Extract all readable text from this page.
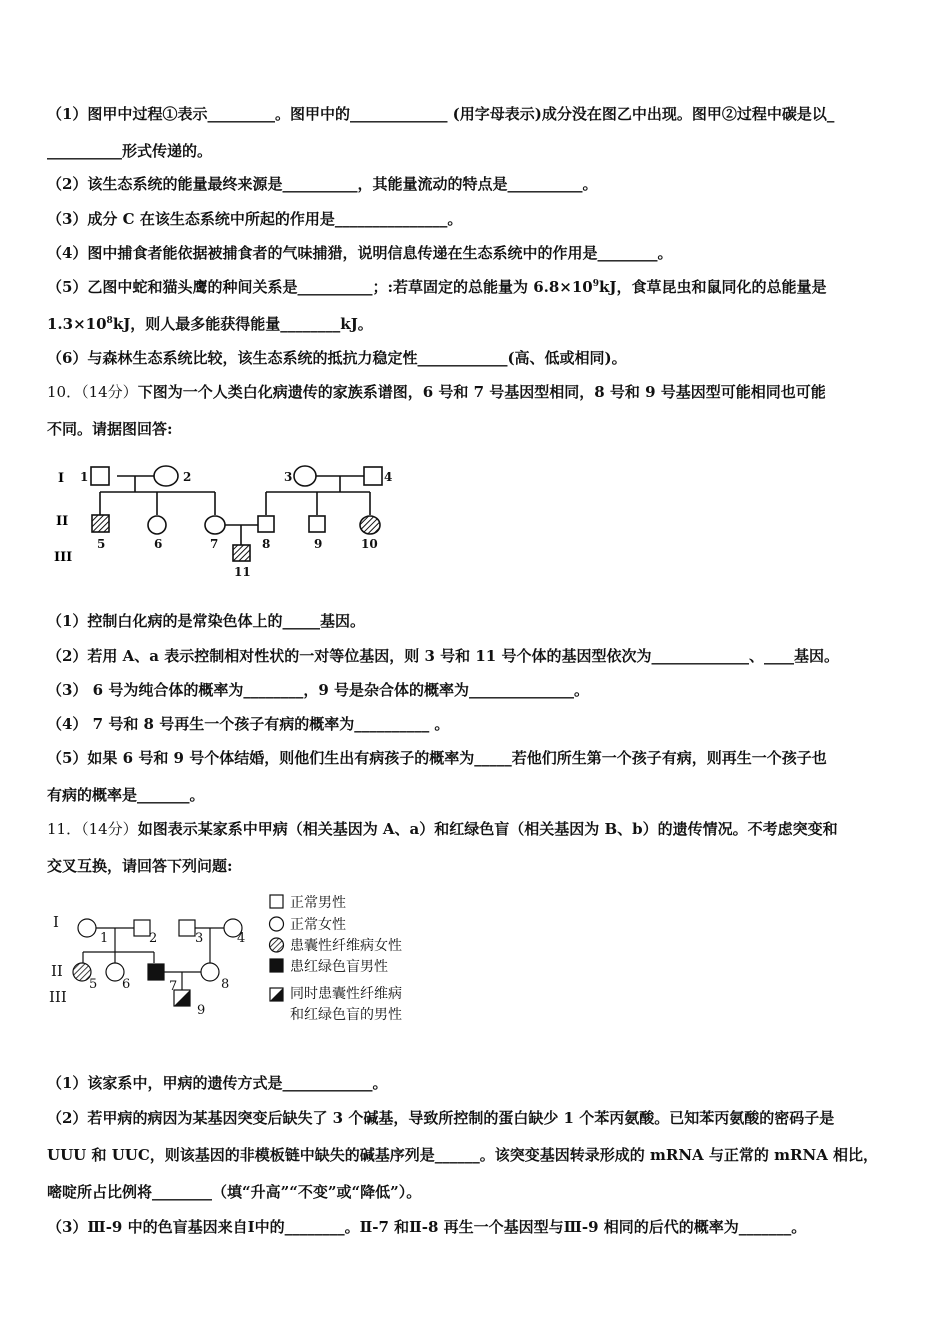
（1）图甲中过程①表示_________。图甲中的_____________ (用字母表示)成分没在图乙中出现。图甲②过程中碳是以_
__________形式传递的。
（2）该生态系统的能量最终来源是__________，其能量流动的特点是__________。
（3）成分 C 在该生态系统中所起的作用是_______________。
（4）图中捕食者能依据被捕食者的气味捕猎，说明信息传递在生态系统中的作用是________。
（5）乙图中蛇和猫头鹰的种间关系是__________；:若草固定的总能量为 $6.8\times 10^9kJ$，食草昆虫和鼠同化的总能量是
$1.3\times 10^8kJ$，则人最多能获得能量________kJ。
（6）与森林生态系统比较，该生态系统的抵抗力稳定性____________(高、低或相同)。
10．（14分）下图为一个人类白化病遗传的家族系谱图，6 号和 7 号基因型相同，8 号和 9 号基因型可能相同也可能
不同。请据图回答:
I
II
III
1	2	3	4
5	6	7	8	9	10
11
（1）控制白化病的是常染色体上的_____基因。
（2）若用 A、a 表示控制相对性状的一对等位基因，则 3 号和 11 号个体的基因型依次为_____________、____基因。
（3） 6 号为纯合体的概率为________，9 号是杂合体的概率为______________。
（4） 7 号和 8 号再生一个孩子有病的概率为__________ 。
（5）如果 6 号和 9 号个体结婚，则他们生出有病孩子的概率为_____若他们所生第一个孩子有病，则再生一个孩子也
有病的概率是_______。
11．（14分）如图表示某家系中甲病（相关基因为 A、a）和红绿色盲（相关基因为 B、b）的遗传情况。不考虑突变和
交叉互换，请回答下列问题:
I
II
III
1	2	3	4
5 6	7	8
9
正常男性
正常女性
患囊性纤维病女性
患红绿色盲男性
同时患囊性纤维病
和红绿色盲的男性
（1）该家系中，甲病的遗传方式是____________。
（2）若甲病的病因为某基因突变后缺失了 3 个碱基，导致所控制的蛋白缺少 1 个苯丙氨酸。已知苯丙氨酸的密码子是
UUU 和 UUC，则该基因的非模板链中缺失的碱基序列是______。该突变基因转录形成的 mRNA 与正常的 mRNA 相比，
嘧啶所占比例将________（填“升高”“不变”或“降低”）。
（3）Ⅲ-9 中的色盲基因来自Ⅰ中的________。Ⅱ-7 和Ⅱ-8 再生一个基因型与Ⅲ-9 相同的后代的概率为_______。
